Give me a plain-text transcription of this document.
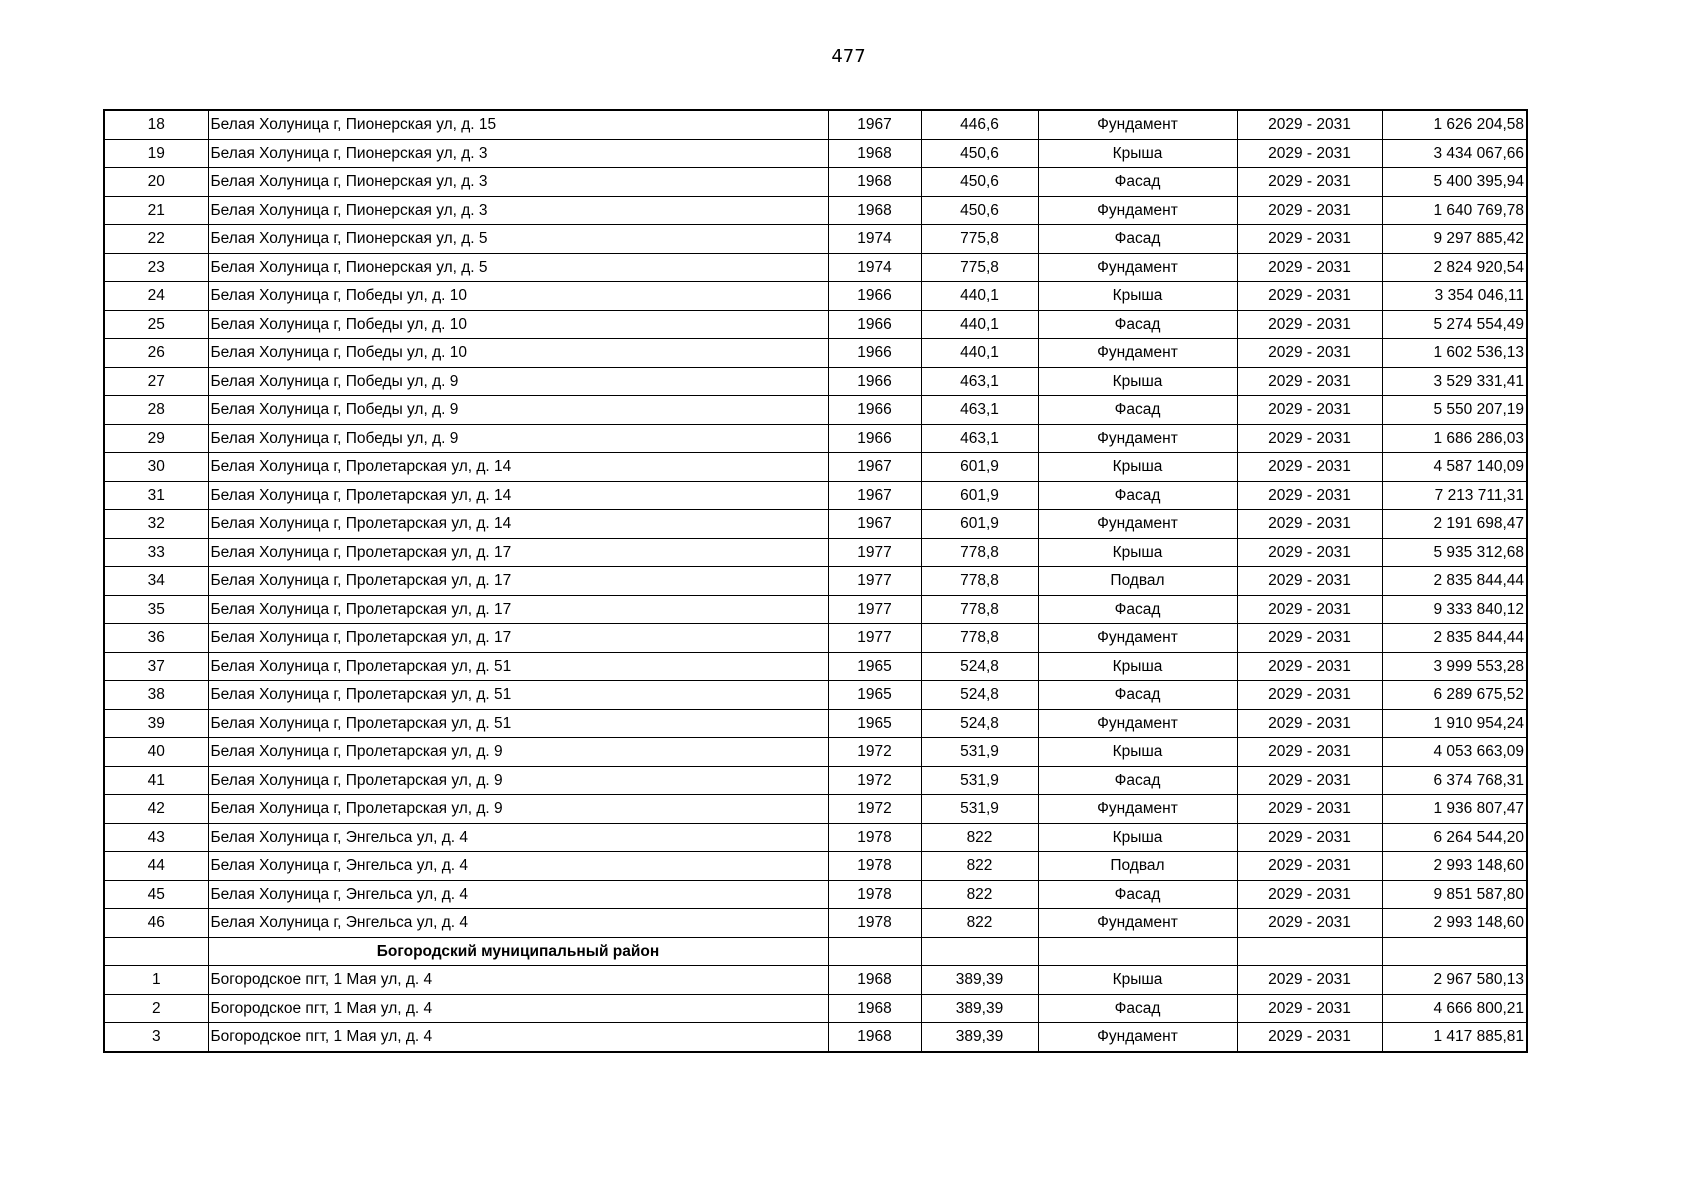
477
18	Белая Холуница г, Пионерская ул, д. 15	1967	446,6	Фундамент	2029 - 2031	1 626 204,58
19	Белая Холуница г, Пионерская ул, д. 3	1968	450,6	Крыша	2029 - 2031	3 434 067,66
20	Белая Холуница г, Пионерская ул, д. 3	1968	450,6	Фасад	2029 - 2031	5 400 395,94
21	Белая Холуница г, Пионерская ул, д. 3	1968	450,6	Фундамент	2029 - 2031	1 640 769,78
22	Белая Холуница г, Пионерская ул, д. 5	1974	775,8	Фасад	2029 - 2031	9 297 885,42
23	Белая Холуница г, Пионерская ул, д. 5	1974	775,8	Фундамент	2029 - 2031	2 824 920,54
24	Белая Холуница г, Победы ул, д. 10	1966	440,1	Крыша	2029 - 2031	3 354 046,11
25	Белая Холуница г, Победы ул, д. 10	1966	440,1	Фасад	2029 - 2031	5 274 554,49
26	Белая Холуница г, Победы ул, д. 10	1966	440,1	Фундамент	2029 - 2031	1 602 536,13
27	Белая Холуница г, Победы ул, д. 9	1966	463,1	Крыша	2029 - 2031	3 529 331,41
28	Белая Холуница г, Победы ул, д. 9	1966	463,1	Фасад	2029 - 2031	5 550 207,19
29	Белая Холуница г, Победы ул, д. 9	1966	463,1	Фундамент	2029 - 2031	1 686 286,03
30	Белая Холуница г, Пролетарская ул, д. 14	1967	601,9	Крыша	2029 - 2031	4 587 140,09
31	Белая Холуница г, Пролетарская ул, д. 14	1967	601,9	Фасад	2029 - 2031	7 213 711,31
32	Белая Холуница г, Пролетарская ул, д. 14	1967	601,9	Фундамент	2029 - 2031	2 191 698,47
33	Белая Холуница г, Пролетарская ул, д. 17	1977	778,8	Крыша	2029 - 2031	5 935 312,68
34	Белая Холуница г, Пролетарская ул, д. 17	1977	778,8	Подвал	2029 - 2031	2 835 844,44
35	Белая Холуница г, Пролетарская ул, д. 17	1977	778,8	Фасад	2029 - 2031	9 333 840,12
36	Белая Холуница г, Пролетарская ул, д. 17	1977	778,8	Фундамент	2029 - 2031	2 835 844,44
37	Белая Холуница г, Пролетарская ул, д. 51	1965	524,8	Крыша	2029 - 2031	3 999 553,28
38	Белая Холуница г, Пролетарская ул, д. 51	1965	524,8	Фасад	2029 - 2031	6 289 675,52
39	Белая Холуница г, Пролетарская ул, д. 51	1965	524,8	Фундамент	2029 - 2031	1 910 954,24
40	Белая Холуница г, Пролетарская ул, д. 9	1972	531,9	Крыша	2029 - 2031	4 053 663,09
41	Белая Холуница г, Пролетарская ул, д. 9	1972	531,9	Фасад	2029 - 2031	6 374 768,31
42	Белая Холуница г, Пролетарская ул, д. 9	1972	531,9	Фундамент	2029 - 2031	1 936 807,47
43	Белая Холуница г, Энгельса ул, д. 4	1978	822	Крыша	2029 - 2031	6 264 544,20
44	Белая Холуница г, Энгельса ул, д. 4	1978	822	Подвал	2029 - 2031	2 993 148,60
45	Белая Холуница г, Энгельса ул, д. 4	1978	822	Фасад	2029 - 2031	9 851 587,80
46	Белая Холуница г, Энгельса ул, д. 4	1978	822	Фундамент	2029 - 2031	2 993 148,60
	Богородский муниципальный район					
1	Богородское пгт, 1 Мая ул, д. 4	1968	389,39	Крыша	2029 - 2031	2 967 580,13
2	Богородское пгт, 1 Мая ул, д. 4	1968	389,39	Фасад	2029 - 2031	4 666 800,21
3	Богородское пгт, 1 Мая ул, д. 4	1968	389,39	Фундамент	2029 - 2031	1 417 885,81
